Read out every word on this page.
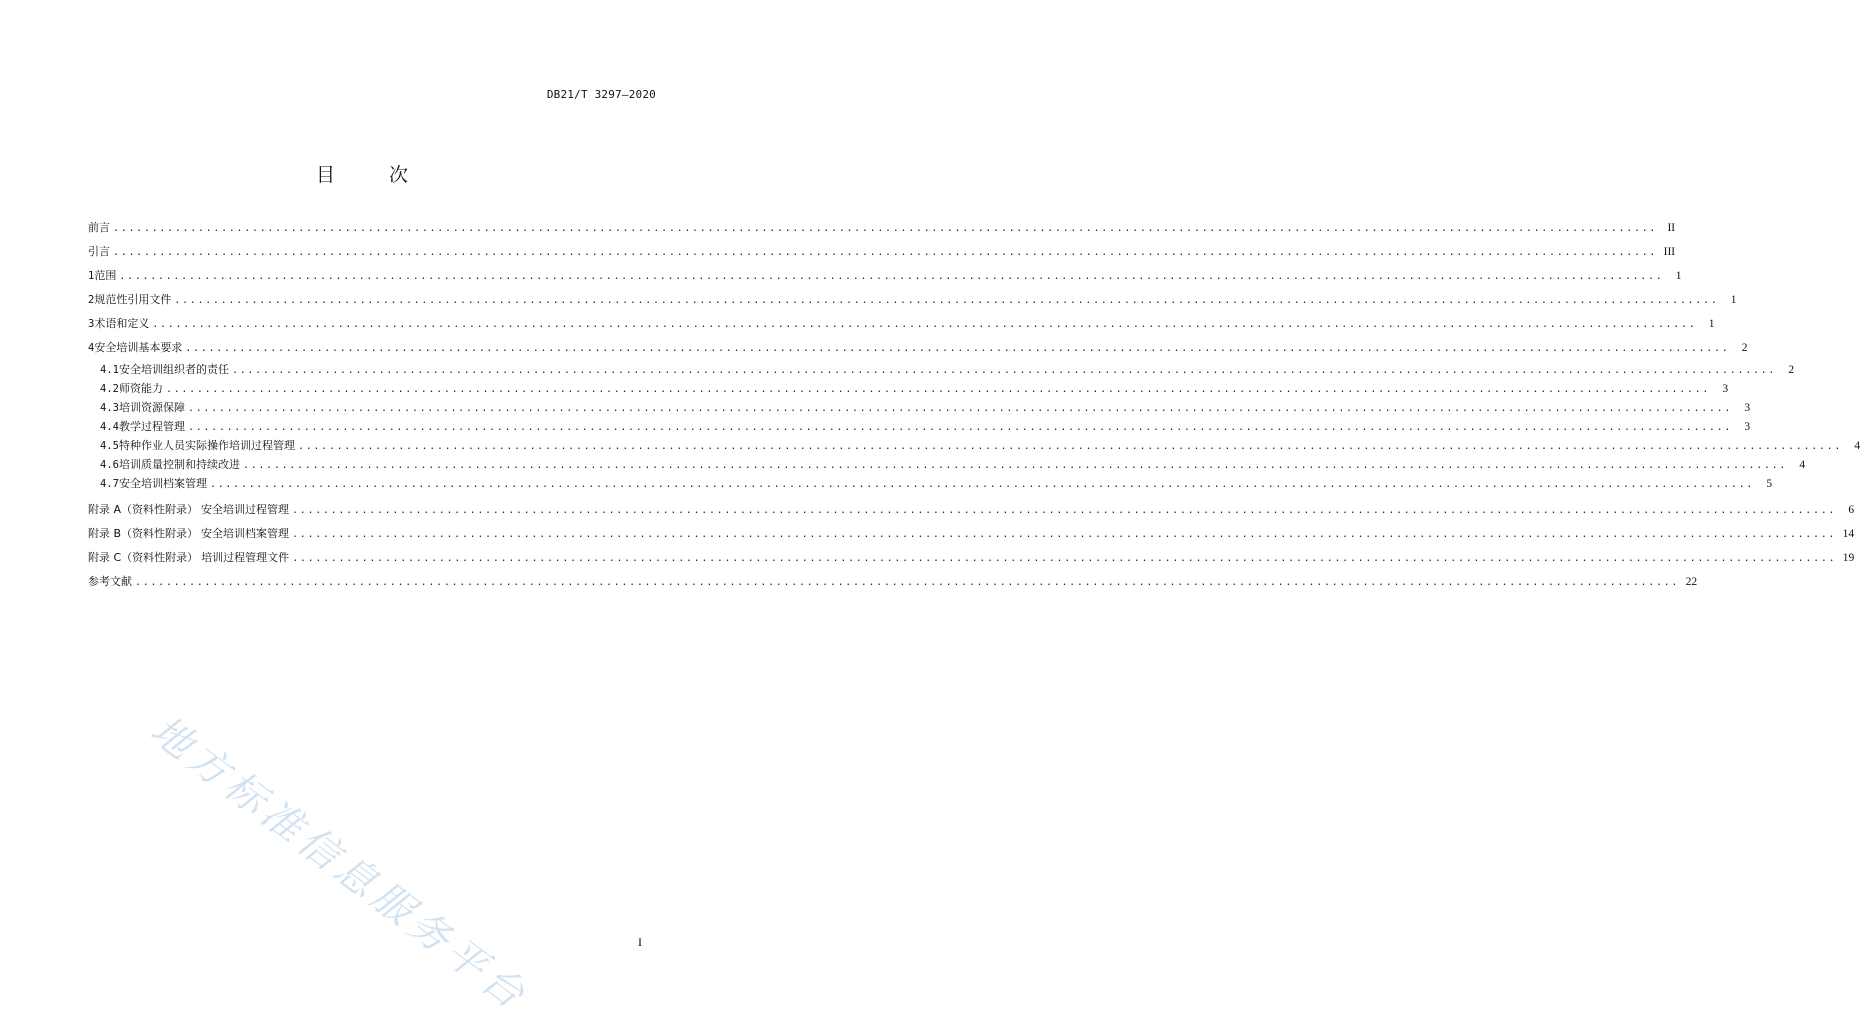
DB21/T 3297—2020
目 次
前言 ........................................................................................................................................................................................................ II
引言 ........................................................................................................................................................................................................ III
1 范围 ........................................................................................................................................................................................................	1
2 规范性引用文件 ........................................................................................................................................................................................................	1
3 术语和定义 ........................................................................................................................................................................................................	1
4 安全培训基本要求 ........................................................................................................................................................................................................	2
4.1 安全培训组织者的责任 ........................................................................................................................................................................................................	2
4.2 师资能力 ........................................................................................................................................................................................................	3
4.3 培训资源保障 ........................................................................................................................................................................................................	3
4.4 教学过程管理 ........................................................................................................................................................................................................	3
4.5 特种作业人员实际操作培训过程管理 ........................................................................................................................................................................................................	4
4.6 培训质量控制和持续改进 ........................................................................................................................................................................................................	4
4.7 安全培训档案管理 ........................................................................................................................................................................................................	5
附录 A（资料性附录） 安全培训过程管理 ........................................................................................................................................................................................................	6
附录 B（资料性附录） 安全培训档案管理 ........................................................................................................................................................................................................ 14
附录 C（资料性附录） 培训过程管理文件 ........................................................................................................................................................................................................ 19
参考文献 ........................................................................................................................................................................................................ 22
地方标准信息服务平台	I
